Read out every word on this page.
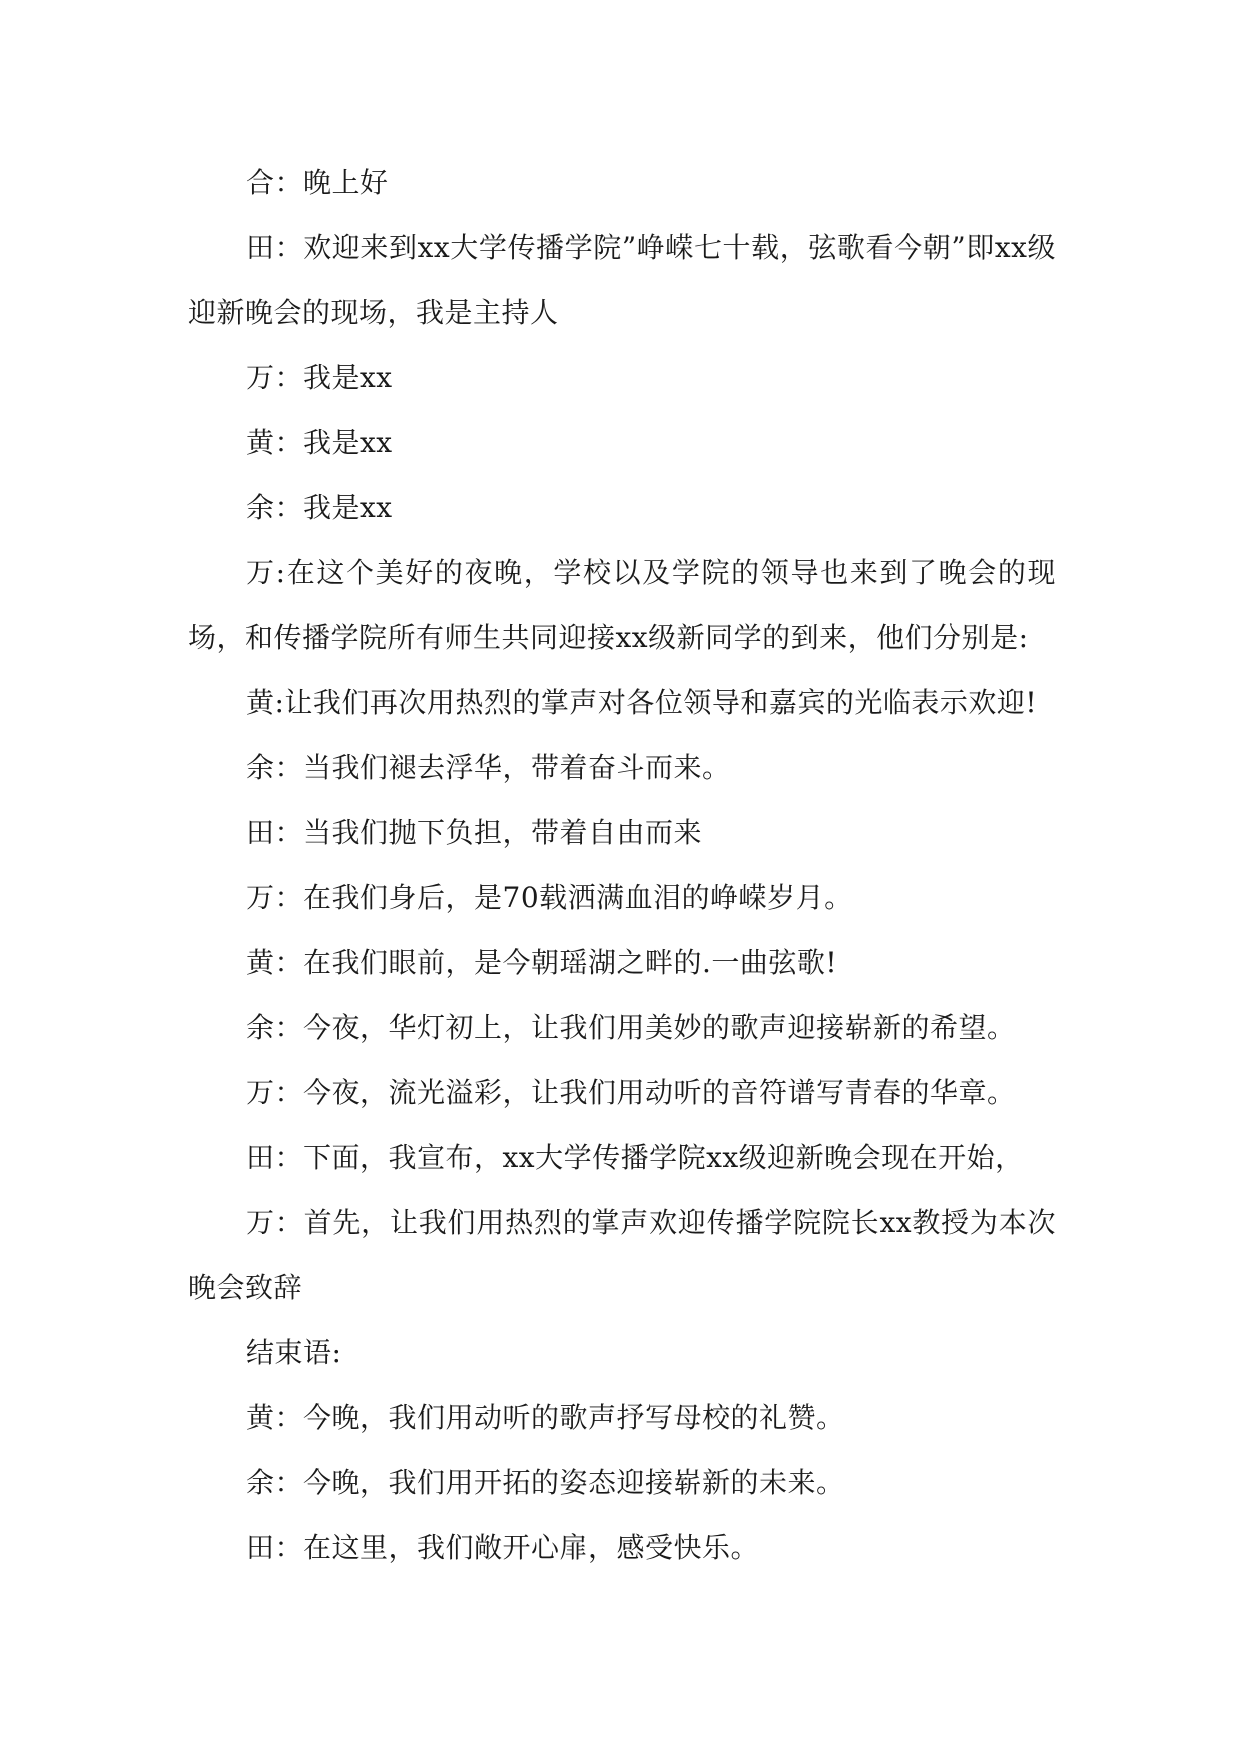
合：晚上好

田：欢迎来到xx大学传播学院”峥嵘七十载，弦歌看今朝”即xx级迎新晚会的现场，我是主持人

万：我是xx

黄：我是xx

余：我是xx

万:在这个美好的夜晚，学校以及学院的领导也来到了晚会的现场，和传播学院所有师生共同迎接xx级新同学的到来，他们分别是:

黄:让我们再次用热烈的掌声对各位领导和嘉宾的光临表示欢迎!

余：当我们褪去浮华，带着奋斗而来。

田：当我们抛下负担，带着自由而来

万：在我们身后，是70载洒满血泪的峥嵘岁月。

黄：在我们眼前，是今朝瑶湖之畔的.一曲弦歌!

余：今夜，华灯初上，让我们用美妙的歌声迎接崭新的希望。

万：今夜，流光溢彩，让我们用动听的音符谱写青春的华章。

田：下面，我宣布，xx大学传播学院xx级迎新晚会现在开始，

万：首先，让我们用热烈的掌声欢迎传播学院院长xx教授为本次晚会致辞

结束语:

黄：今晚，我们用动听的歌声抒写母校的礼赞。

余：今晚，我们用开拓的姿态迎接崭新的未来。

田：在这里，我们敞开心扉，感受快乐。
